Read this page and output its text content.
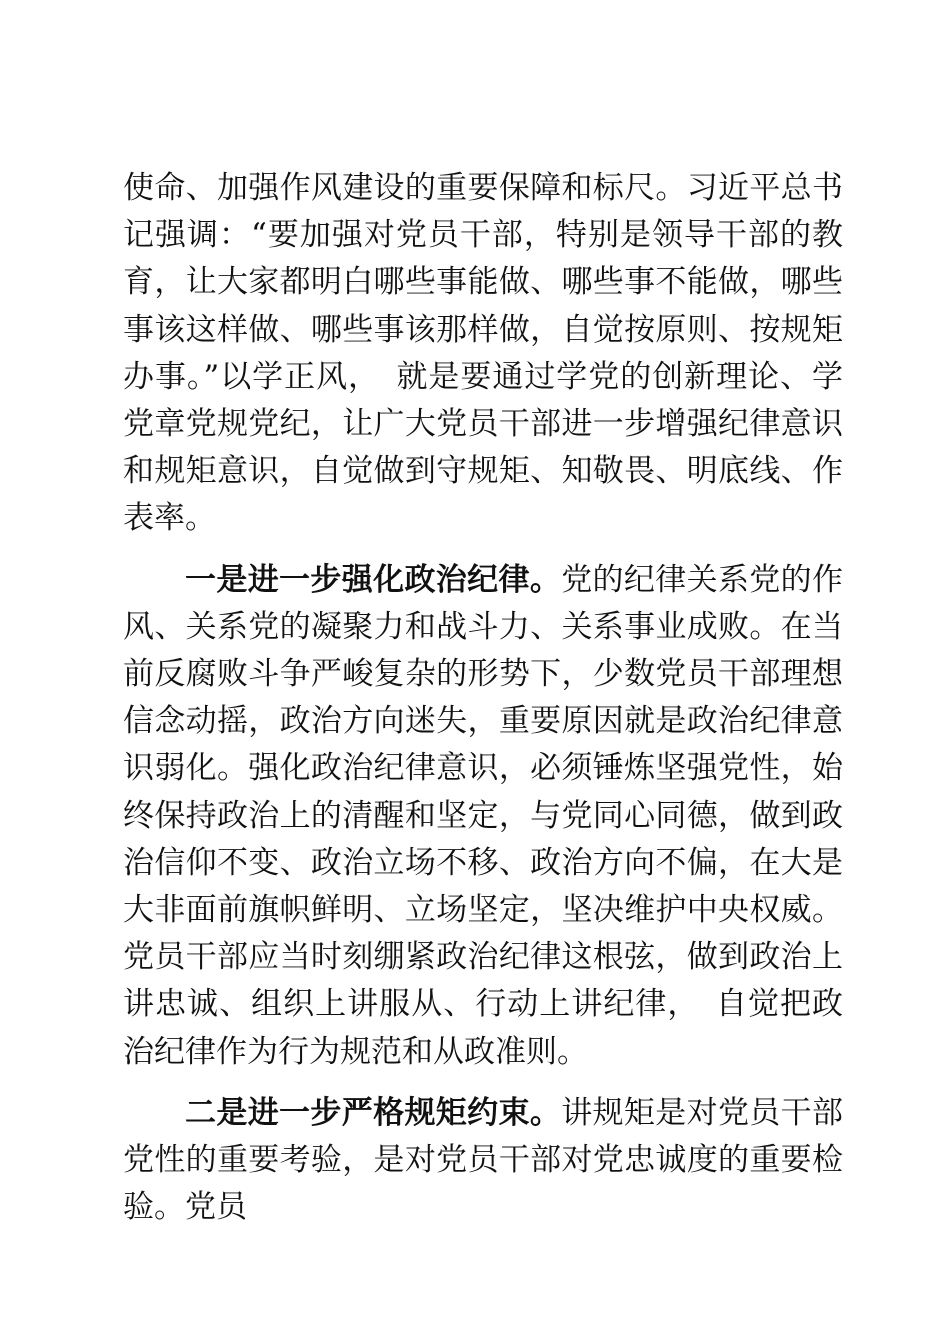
使命、加强作风建设的重要保障和标尺。习近平总书记强调：“要加强对党员干部，特别是领导干部的教育，让大家都明白哪些事能做、哪些事不能做，哪些事该这样做、哪些事该那样做，自觉按原则、按规矩办事。”以学正风，　就是要通过学党的创新理论、学党章党规党纪，让广大党员干部进一步增强纪律意识和规矩意识，自觉做到守规矩、知敬畏、明底线、作表率。

一是进一步强化政治纪律。党的纪律关系党的作风、关系党的凝聚力和战斗力、关系事业成败。在当前反腐败斗争严峻复杂的形势下，少数党员干部理想信念动摇，政治方向迷失，重要原因就是政治纪律意识弱化。强化政治纪律意识，必须锤炼坚强党性，始终保持政治上的清醒和坚定，与党同心同德，做到政治信仰不变、政治立场不移、政治方向不偏，在大是大非面前旗帜鲜明、立场坚定，坚决维护中央权威。党员干部应当时刻绷紧政治纪律这根弦，做到政治上讲忠诚、组织上讲服从、行动上讲纪律，　自觉把政治纪律作为行为规范和从政准则。

二是进一步严格规矩约束。讲规矩是对党员干部党性的重要考验，是对党员干部对党忠诚度的重要检验。党员
